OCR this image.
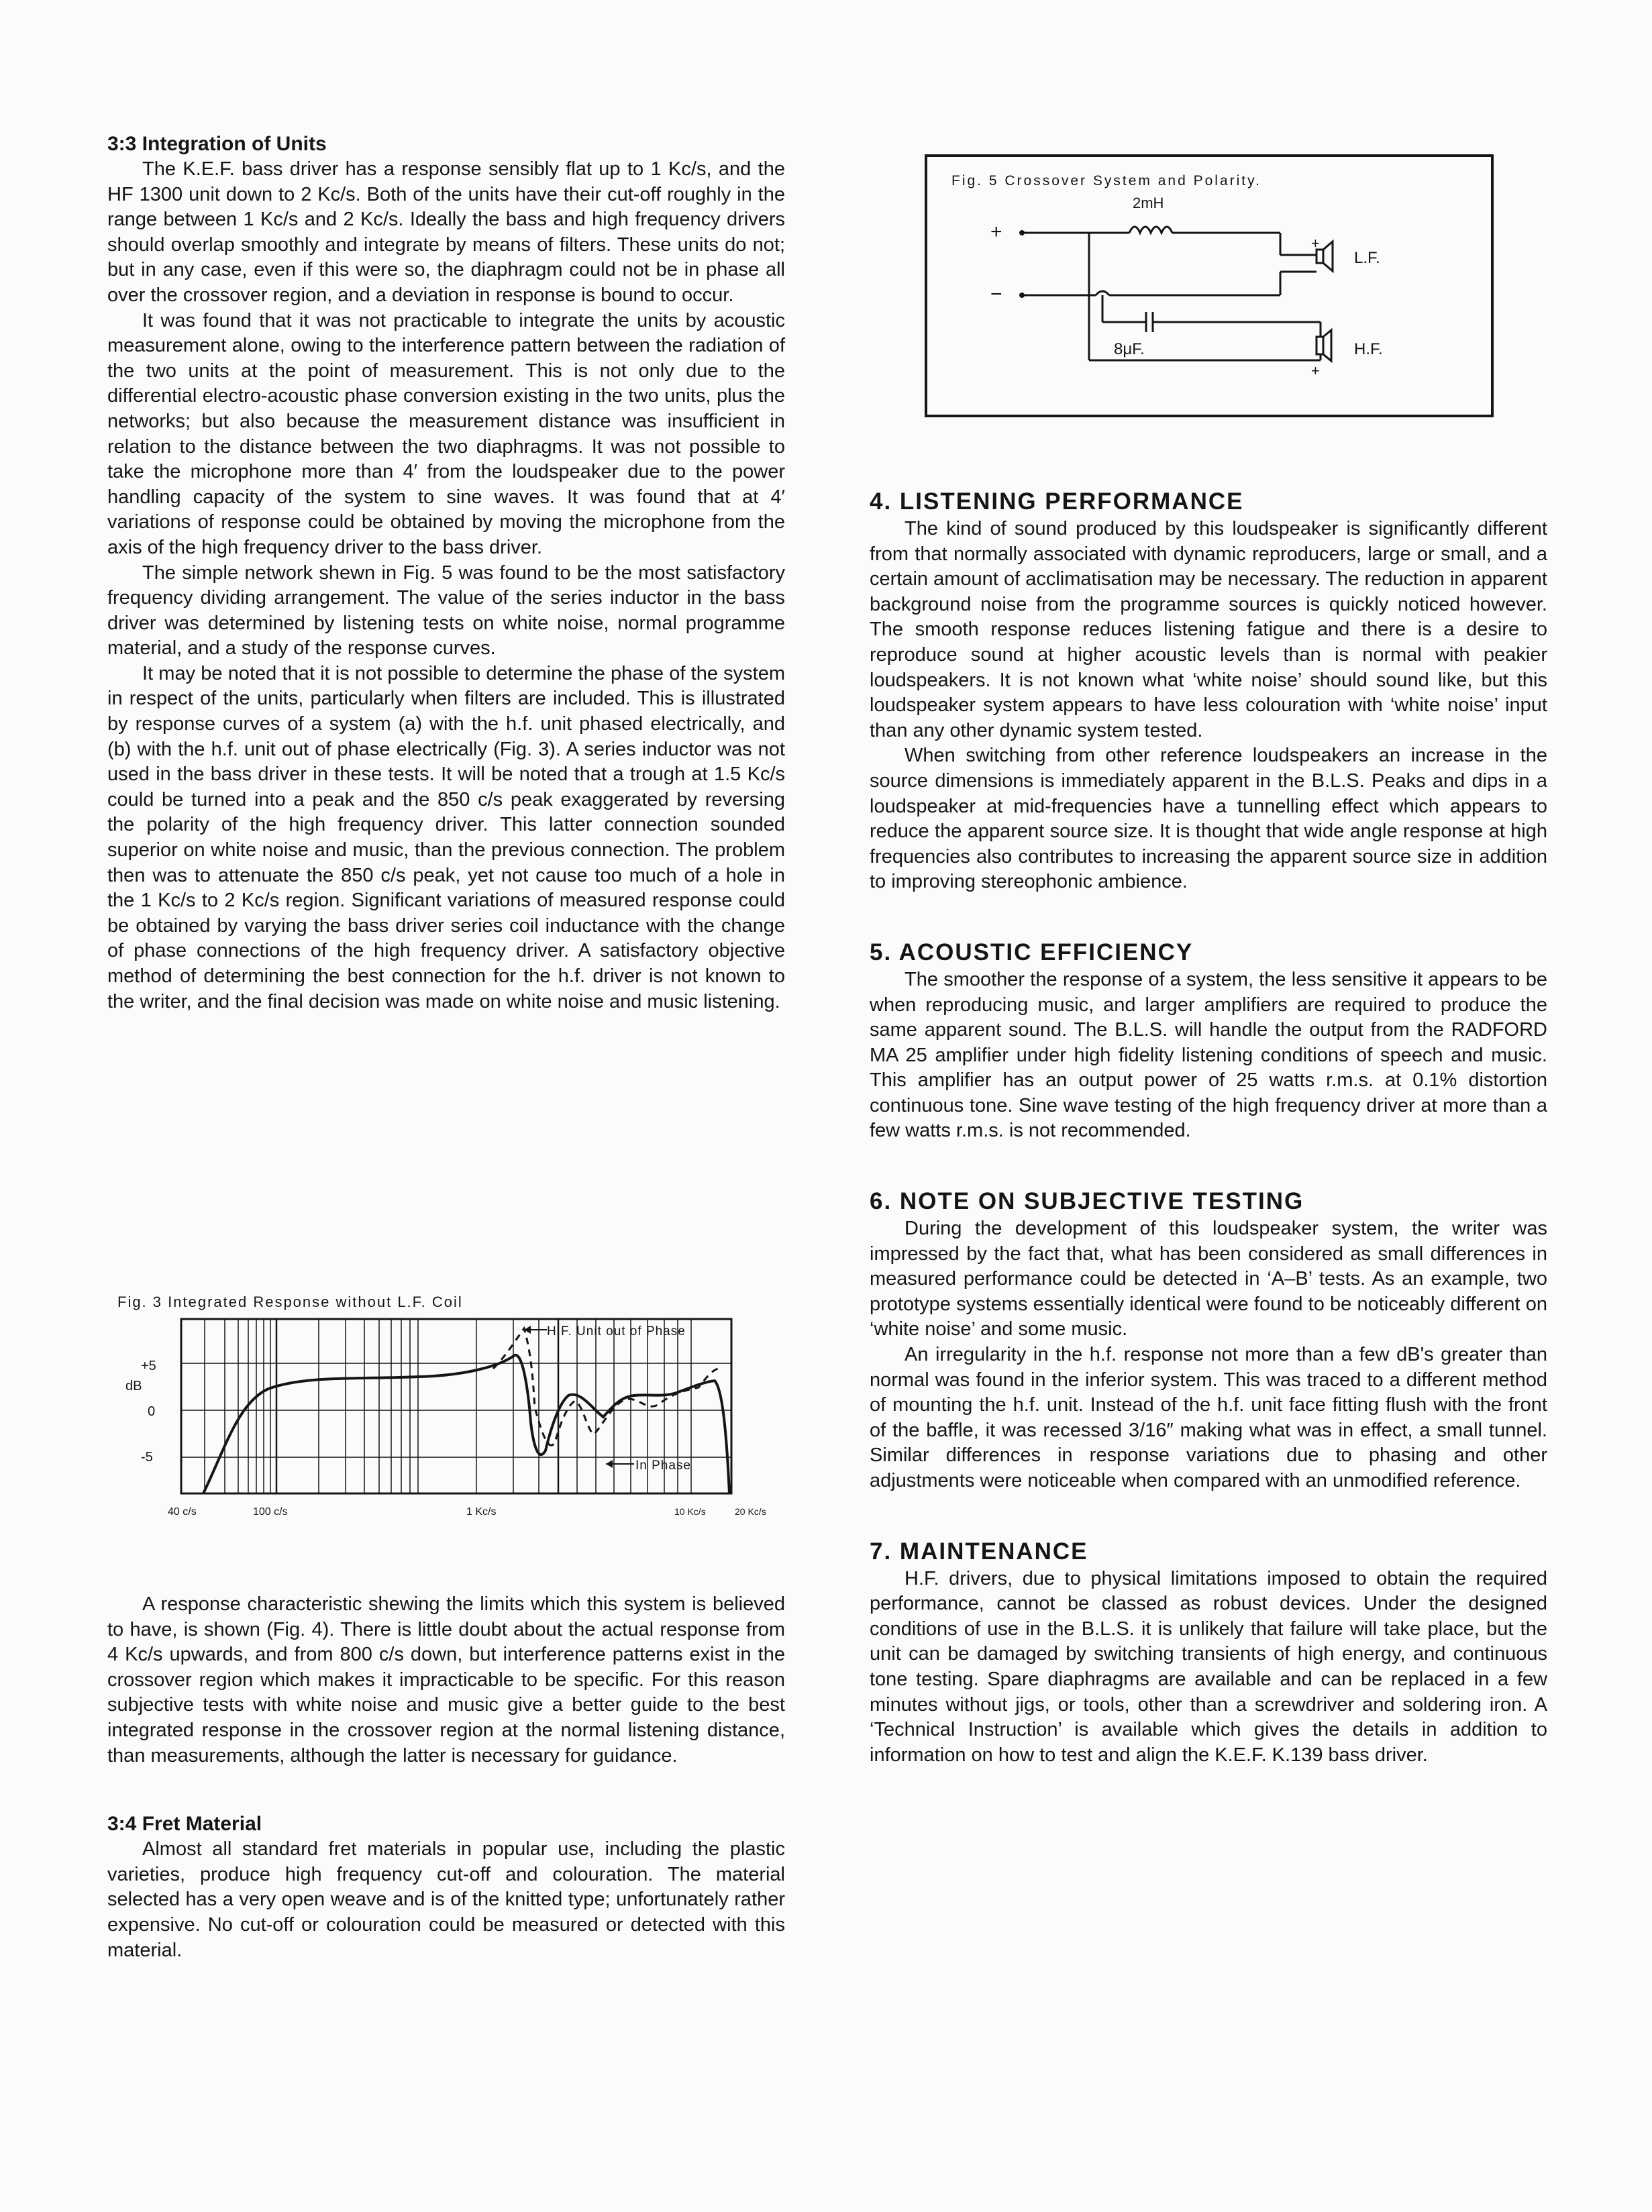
3:3 Integration of Units

The K.E.F. bass driver has a response sensibly flat up to 1 Kc/s, and the HF 1300 unit down to 2 Kc/s. Both of the units have their cut-off roughly in the range between 1 Kc/s and 2 Kc/s. Ideally the bass and high frequency drivers should overlap smoothly and integrate by means of filters. These units do not; but in any case, even if this were so, the diaphragm could not be in phase all over the crossover region, and a deviation in response is bound to occur.

It was found that it was not practicable to integrate the units by acoustic measurement alone, owing to the interference pattern between the radiation of the two units at the point of measurement. This is not only due to the differential electro-acoustic phase conversion existing in the two units, plus the networks; but also because the measurement distance was insufficient in relation to the distance between the two diaphragms. It was not possible to take the microphone more than 4′ from the loudspeaker due to the power handling capacity of the system to sine waves. It was found that at 4′ variations of response could be obtained by moving the microphone from the axis of the high frequency driver to the bass driver.

The simple network shewn in Fig. 5 was found to be the most satisfactory frequency dividing arrangement. The value of the series inductor in the bass driver was determined by listening tests on white noise, normal programme material, and a study of the response curves.

It may be noted that it is not possible to determine the phase of the system in respect of the units, particularly when filters are included. This is illustrated by response curves of a system (a) with the h.f. unit phased electrically, and (b) with the h.f. unit out of phase electrically (Fig. 3). A series inductor was not used in the bass driver in these tests. It will be noted that a trough at 1.5 Kc/s could be turned into a peak and the 850 c/s peak exaggerated by reversing the polarity of the high frequency driver. This latter connection sounded superior on white noise and music, than the previous connection. The problem then was to attenuate the 850 c/s peak, yet not cause too much of a hole in the 1 Kc/s to 2 Kc/s region. Significant variations of measured response could be obtained by varying the bass driver series coil inductance with the change of phase connections of the high frequency driver. A satisfactory objective method of determining the best connection for the h.f. driver is not known to the writer, and the final decision was made on white noise and music listening.

Fig. 3 Integrated Response without L.F. Coil
+5
dB
0
-5
40 c/s	100 c/s	1 Kc/s	10 Kc/s	20 Kc/s
H.F. Unit out of Phase
In Phase

A response characteristic shewing the limits which this system is believed to have, is shown (Fig. 4). There is little doubt about the actual response from 4 Kc/s upwards, and from 800 c/s down, but interference patterns exist in the crossover region which makes it impracticable to be specific. For this reason subjective tests with white noise and music give a better guide to the best integrated response in the crossover region at the normal listening distance, than measurements, although the latter is necessary for guidance.

3:4 Fret Material

Almost all standard fret materials in popular use, including the plastic varieties, produce high frequency cut-off and colouration. The material selected has a very open weave and is of the knitted type; unfortunately rather expensive. No cut-off or colouration could be measured or detected with this material.

Fig. 5 Crossover System and Polarity.
2mH
+
−
+
L.F.
8μF.
+
H.F.
4. LISTENING PERFORMANCE

The kind of sound produced by this loudspeaker is significantly different from that normally associated with dynamic reproducers, large or small, and a certain amount of acclimatisation may be necessary. The reduction in apparent background noise from the programme sources is quickly noticed however. The smooth response reduces listening fatigue and there is a desire to reproduce sound at higher acoustic levels than is normal with peakier loudspeakers. It is not known what ‘white noise’ should sound like, but this loudspeaker system appears to have less colouration with ‘white noise’ input than any other dynamic system tested.

When switching from other reference loudspeakers an increase in the source dimensions is immediately apparent in the B.L.S. Peaks and dips in a loudspeaker at mid-frequencies have a tunnelling effect which appears to reduce the apparent source size. It is thought that wide angle response at high frequencies also contributes to increasing the apparent source size in addition to improving stereophonic ambience.

5. ACOUSTIC EFFICIENCY

The smoother the response of a system, the less sensitive it appears to be when reproducing music, and larger amplifiers are required to produce the same apparent sound. The B.L.S. will handle the output from the RADFORD MA 25 amplifier under high fidelity listening conditions of speech and music. This amplifier has an output power of 25 watts r.m.s. at 0.1% distortion continuous tone. Sine wave testing of the high frequency driver at more than a few watts r.m.s. is not recommended.

6. NOTE ON SUBJECTIVE TESTING

During the development of this loudspeaker system, the writer was impressed by the fact that, what has been considered as small differences in measured performance could be detected in ‘A–B’ tests. As an example, two prototype systems essentially identical were found to be noticeably different on ‘white noise’ and some music.

An irregularity in the h.f. response not more than a few dB's greater than normal was found in the inferior system. This was traced to a different method of mounting the h.f. unit. Instead of the h.f. unit face fitting flush with the front of the baffle, it was recessed 3/16″ making what was in effect, a small tunnel. Similar differences in response variations due to phasing and other adjustments were noticeable when compared with an unmodified reference.

7. MAINTENANCE

H.F. drivers, due to physical limitations imposed to obtain the required performance, cannot be classed as robust devices. Under the designed conditions of use in the B.L.S. it is unlikely that failure will take place, but the unit can be damaged by switching transients of high energy, and continuous tone testing. Spare diaphragms are available and can be replaced in a few minutes without jigs, or tools, other than a screwdriver and soldering iron. A ‘Technical Instruction’ is available which gives the details in addition to information on how to test and align the K.E.F. K.139 bass driver.
